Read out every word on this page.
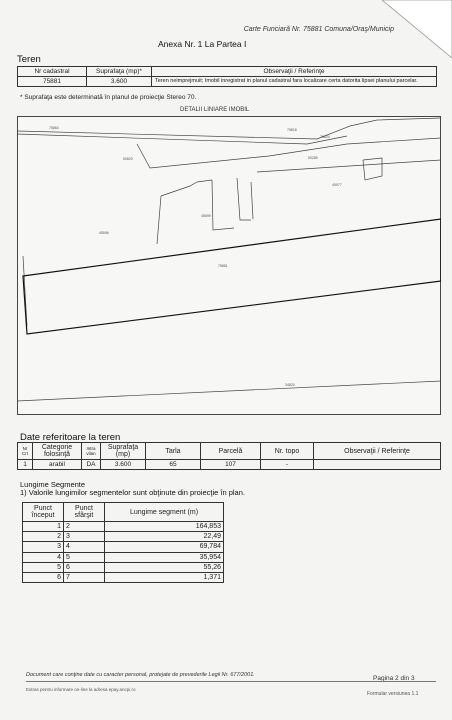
Carte Funciară Nr. 75881 Comuna/Oraş/Municip
Anexa Nr. 1 La Partea I
Teren
Nr cadastral	Suprafaţa (mp)*	Observaţii / Referinţe
75881	3.600	Teren neimprejmuit; Imobil inregistrat in planul cadastral fara localizare certa datorita lipsei planului parcelar.
* Suprafaţa este determinată în planul de proiecţie Stereo 70.
DETALII LINIARE IMOBIL
75864	75818
75824
50820	50285
45977
45699
45596
75881
34820
Date referitoare la teren
Nr Crt	Categorie folosinţă	Intra vilan	Suprafaţa (mp)	Tarla	Parcelă	Nr. topo	Observaţii / Referinţe
1	arabil	DA	3.600	65	107	-	
Lungime Segmente
1) Valorile lungimilor segmentelor sunt obţinute din proiecţie în plan.
Punct început	Punct sfârşit	Lungime segment (m)
1	2	164,853
2	3	22,49
3	4	69,784
4	5	35,954
5	6	55,26
6	7	1,371
Document care conţine date cu caracter personal, protejate de prevederile Legii Nr. 677/2001.	Pagina 2 din 3
Extras pentru informare on-line la adresa epay.ancpi.ro
Formular versiunea 1.1
